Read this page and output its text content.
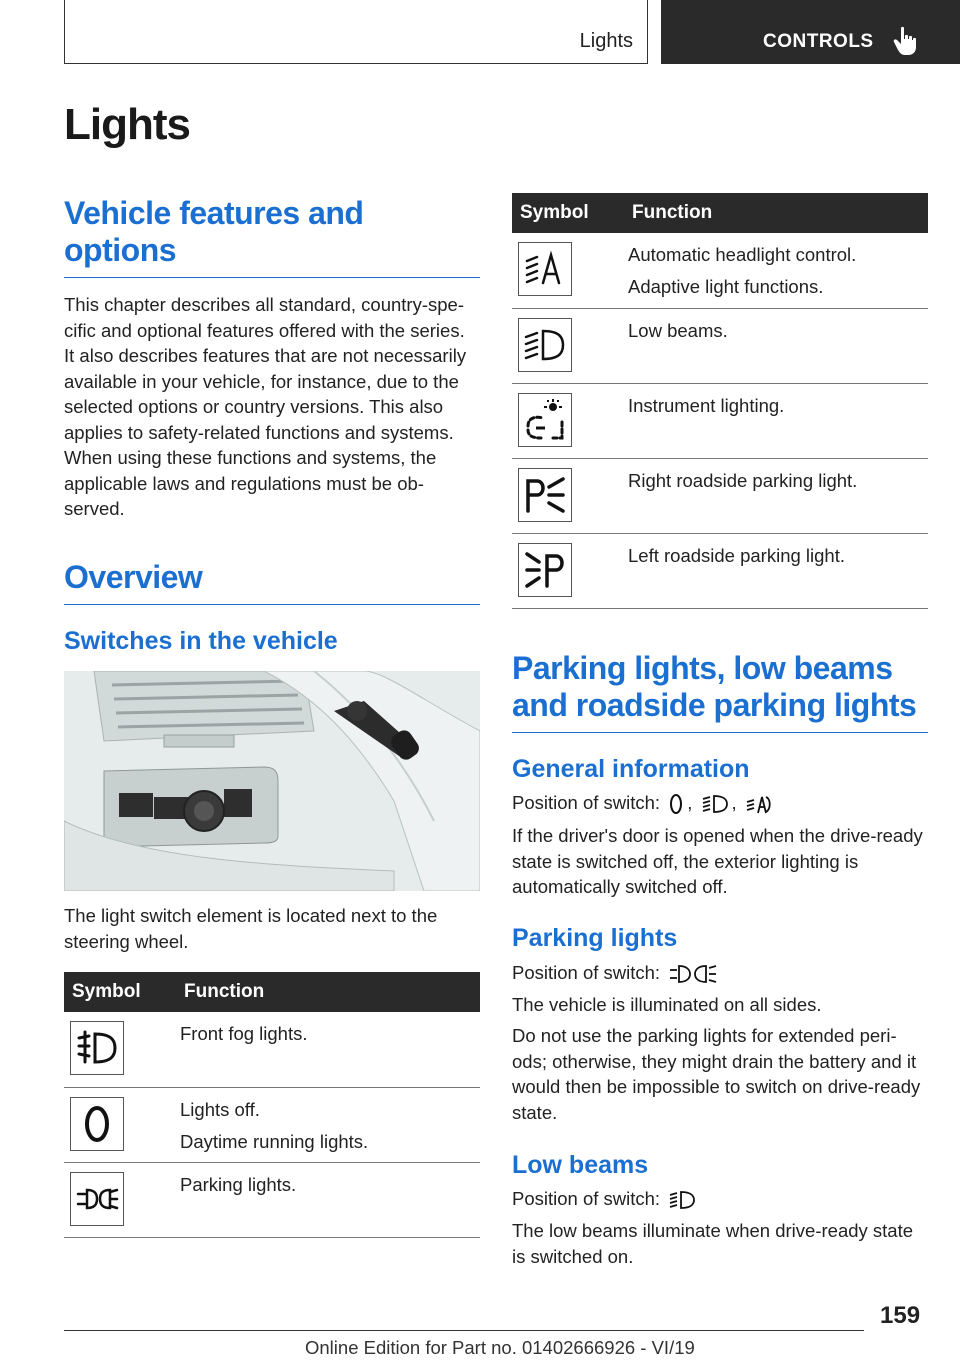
Lights	CONTROLS
Lights
Vehicle features and options

This chapter describes all standard, country-spe-cific and optional features offered with the series. It also describes features that are not necessarily available in your vehicle, for instance, due to the selected options or country versions. This also applies to safety-related functions and systems. When using these functions and systems, the applicable laws and regulations must be ob-served.

Overview
Switches in the vehicle

The light switch element is located next to the steering wheel.

Symbol	Function

Front fog lights.

Lights off.
Daytime running lights.

Parking lights.
Symbol	Function

Automatic headlight control.
Adaptive light functions.

Low beams.

Instrument lighting.

Right roadside parking light.

Left roadside parking light.
Parking lights, low beams and roadside parking lights
General information
Position of switch: , ,

If the driver's door is opened when the drive-ready state is switched off, the exterior lighting is automatically switched off.

Parking lights
Position of switch:

The vehicle is illuminated on all sides.

Do not use the parking lights for extended peri-ods; otherwise, they might drain the battery and it would then be impossible to switch on drive-ready state.

Low beams
Position of switch:

The low beams illuminate when drive-ready state is switched on.

159
Online Edition for Part no. 01402666926 - VI/19
